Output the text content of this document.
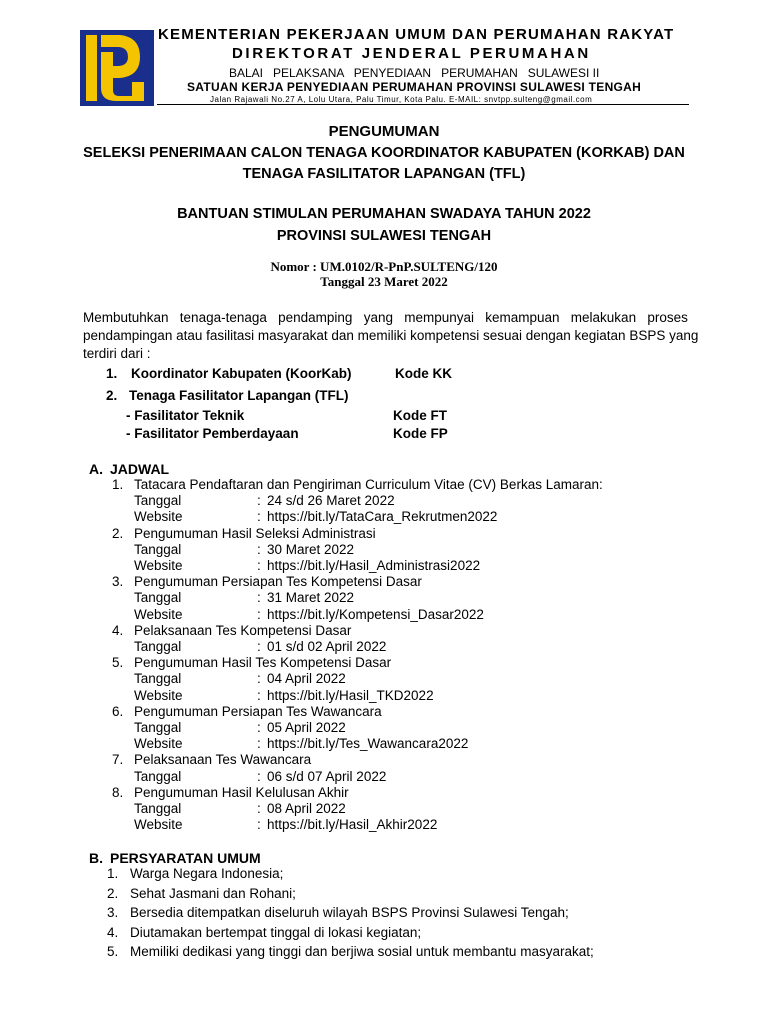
KEMENTERIAN PEKERJAAN UMUM DAN PERUMAHAN RAKYAT
DIREKTORAT JENDERAL PERUMAHAN
BALAI   PELAKSANA   PENYEDIAAN   PERUMAHAN   SULAWESI II
SATUAN KERJA PENYEDIAAN PERUMAHAN PROVINSI SULAWESI TENGAH
Jalan Rajawali No.27 A, Lolu Utara, Palu Timur, Kota Palu. E-MAIL: snvtpp.sulteng@gmail.com
PENGUMUMAN
SELEKSI PENERIMAAN CALON TENAGA KOORDINATOR KABUPATEN (KORKAB) DAN
TENAGA FASILITATOR LAPANGAN (TFL)
BANTUAN STIMULAN PERUMAHAN SWADAYA TAHUN 2022
PROVINSI SULAWESI TENGAH
Nomor : UM.0102/R-PnP.SULTENG/120
Tanggal 23 Maret 2022
Membutuhkan   tenaga-tenaga   pendamping   yang   mempunyai   kemampuan   melakukan   proses
pendampingan atau fasilitasi masyarakat dan memiliki kompetensi sesuai dengan kegiatan BSPS yang
terdiri dari :
1. Koordinator Kabupaten (KoorKab)	Kode KK
2. Tenaga Fasilitator Lapangan (TFL)
- Fasilitator Teknik	Kode FT
- Fasilitator Pemberdayaan	Kode FP
A. JADWAL
1. Tatacara Pendaftaran dan Pengiriman Curriculum Vitae (CV) Berkas Lamaran:
Tanggal	: 24 s/d 26 Maret 2022
Website	: https://bit.ly/TataCara_Rekrutmen2022
2. Pengumuman Hasil Seleksi Administrasi
Tanggal	: 30 Maret 2022
Website	: https://bit.ly/Hasil_Administrasi2022
3. Pengumuman Persiapan Tes Kompetensi Dasar
Tanggal	: 31 Maret 2022
Website	: https://bit.ly/Kompetensi_Dasar2022
4. Pelaksanaan Tes Kompetensi Dasar
Tanggal	: 01 s/d 02 April 2022
5. Pengumuman Hasil Tes Kompetensi Dasar
Tanggal	: 04 April 2022
Website	: https://bit.ly/Hasil_TKD2022
6. Pengumuman Persiapan Tes Wawancara
Tanggal	: 05 April 2022
Website	: https://bit.ly/Tes_Wawancara2022
7. Pelaksanaan Tes Wawancara
Tanggal	: 06 s/d 07 April 2022
8. Pengumuman Hasil Kelulusan Akhir
Tanggal	: 08 April 2022
Website	: https://bit.ly/Hasil_Akhir2022
B. PERSYARATAN UMUM
1. Warga Negara Indonesia;
2. Sehat Jasmani dan Rohani;
3. Bersedia ditempatkan diseluruh wilayah BSPS Provinsi Sulawesi Tengah;
4. Diutamakan bertempat tinggal di lokasi kegiatan;
5. Memiliki dedikasi yang tinggi dan berjiwa sosial untuk membantu masyarakat;
